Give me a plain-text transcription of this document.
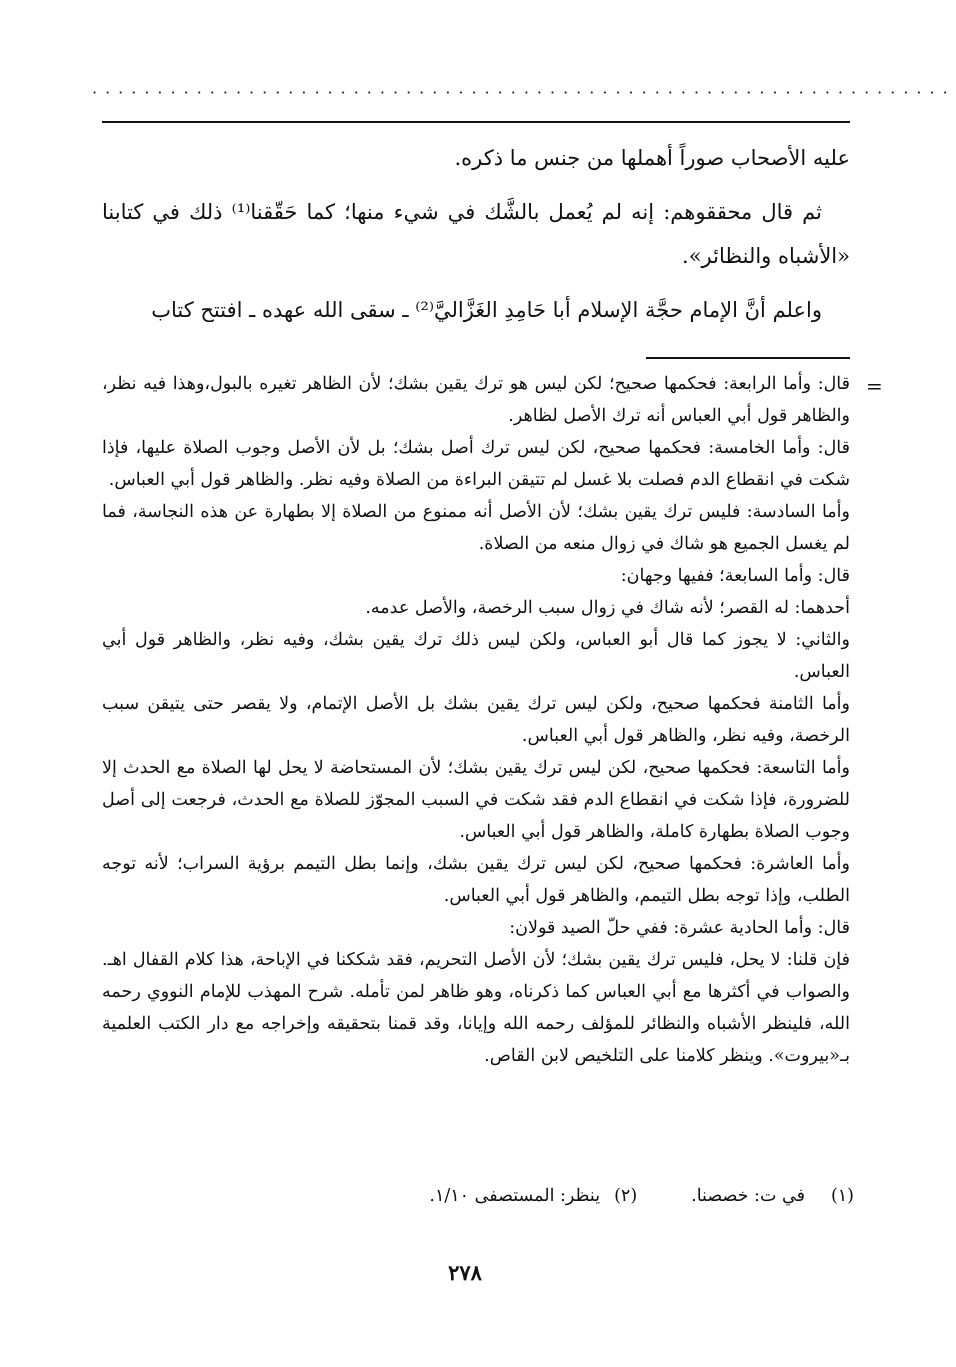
··································································

عليه الأصحاب صوراً أهملها من جنس ما ذكره.

ثم قال محققوهم: إنه لم يُعمل بالشَّك في شيء منها؛ كما حَقّقنا⁽¹⁾ ذلك في كتابنا «الأشباه والنظائر».

واعلم أنَّ الإمام حجَّة الإسلام أبا حَامِدِ الغَزَّاليَّ⁽²⁾ ـ سقى الله عهده ـ افتتح كتاب

=

قال: وأما الرابعة: فحكمها صحيح؛ لكن ليس هو ترك يقين بشك؛ لأن الظاهر تغيره بالبول،وهذا فيه نظر، والظاهر قول أبي العباس أنه ترك الأصل لظاهر.

قال: وأما الخامسة: فحكمها صحيح، لكن ليس ترك أصل بشك؛ بل لأن الأصل وجوب الصلاة عليها، فإذا شكت في انقطاع الدم فصلت بلا غسل لم تتيقن البراءة من الصلاة وفيه نظر. والظاهر قول أبي العباس.

وأما السادسة: فليس ترك يقين بشك؛ لأن الأصل أنه ممنوع من الصلاة إلا بطهارة عن هذه النجاسة، فما لم يغسل الجميع هو شاك في زوال منعه من الصلاة.

قال: وأما السابعة؛ ففيها وجهان:

أحدهما: له القصر؛ لأنه شاك في زوال سبب الرخصة، والأصل عدمه.

والثاني: لا يجوز كما قال أبو العباس، ولكن ليس ذلك ترك يقين بشك، وفيه نظر، والظاهر قول أبي العباس.

وأما الثامنة فحكمها صحيح، ولكن ليس ترك يقين بشك بل الأصل الإتمام، ولا يقصر حتى يتيقن سبب الرخصة، وفيه نظر، والظاهر قول أبي العباس.

وأما التاسعة: فحكمها صحيح، لكن ليس ترك يقين بشك؛ لأن المستحاضة لا يحل لها الصلاة مع الحدث إلا للضرورة، فإذا شكت في انقطاع الدم فقد شكت في السبب المجوّز للصلاة مع الحدث، فرجعت إلى أصل وجوب الصلاة بطهارة كاملة، والظاهر قول أبي العباس.

وأما العاشرة: فحكمها صحيح، لكن ليس ترك يقين بشك، وإنما بطل التيمم برؤية السراب؛ لأنه توجه الطلب، وإذا توجه بطل التيمم، والظاهر قول أبي العباس.

قال: وأما الحادية عشرة: ففي حلّ الصيد قولان:

فإن قلنا: لا يحل، فليس ترك يقين بشك؛ لأن الأصل التحريم، فقد شككنا في الإباحة، هذا كلام القفال اهـ. والصواب في أكثرها مع أبي العباس كما ذكرناه، وهو ظاهر لمن تأمله. شرح المهذب للإمام النووي رحمه الله، فلينظر الأشباه والنظائر للمؤلف رحمه الله وإيانا، وقد قمنا بتحقيقه وإخراجه مع دار الكتب العلمية بـ«بيروت». وينظر كلامنا على التلخيص لابن القاص.

(١)في ت: خصصنا.(٢)ينظر: المستصفى ١/١٠.
٢٧٨
